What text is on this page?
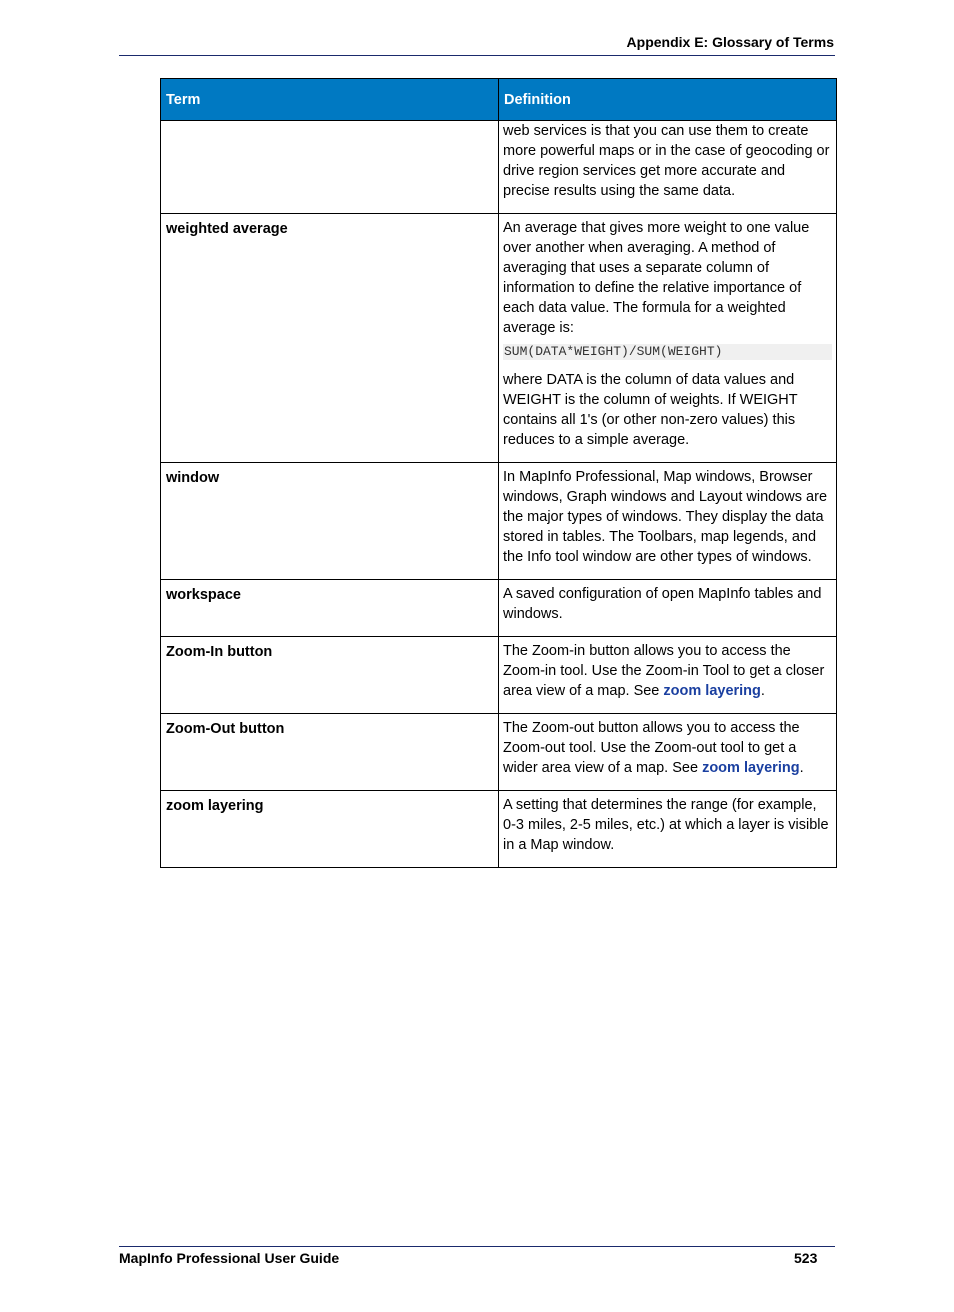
Appendix E: Glossary of Terms
Term	Definition

	web services is that you can use them to create more powerful maps or in the case of geocoding or drive region services get more accurate and precise results using the same data.

weighted average	An average that gives more weight to one value over another when averaging. A method of averaging that uses a separate column of information to define the relative importance of each data value. The formula for a weighted average is:

SUM(DATA*WEIGHT)/SUM(WEIGHT)

where DATA is the column of data values and WEIGHT is the column of weights. If WEIGHT contains all 1's (or other non-zero values) this reduces to a simple average.

window	In MapInfo Professional, Map windows, Browser windows, Graph windows and Layout windows are the major types of windows. They display the data stored in tables. The Toolbars, map legends, and the Info tool window are other types of windows.

workspace	A saved configuration of open MapInfo tables and windows.

Zoom-In button	The Zoom-in button allows you to access the Zoom-in tool. Use the Zoom-in Tool to get a closer area view of a map. See zoom layering.

Zoom-Out button	The Zoom-out button allows you to access the Zoom-out tool. Use the Zoom-out tool to get a wider area view of a map. See zoom layering.

zoom layering	A setting that determines the range (for example, 0-3 miles, 2-5 miles, etc.) at which a layer is visible in a Map window.

MapInfo Professional User Guide	523
